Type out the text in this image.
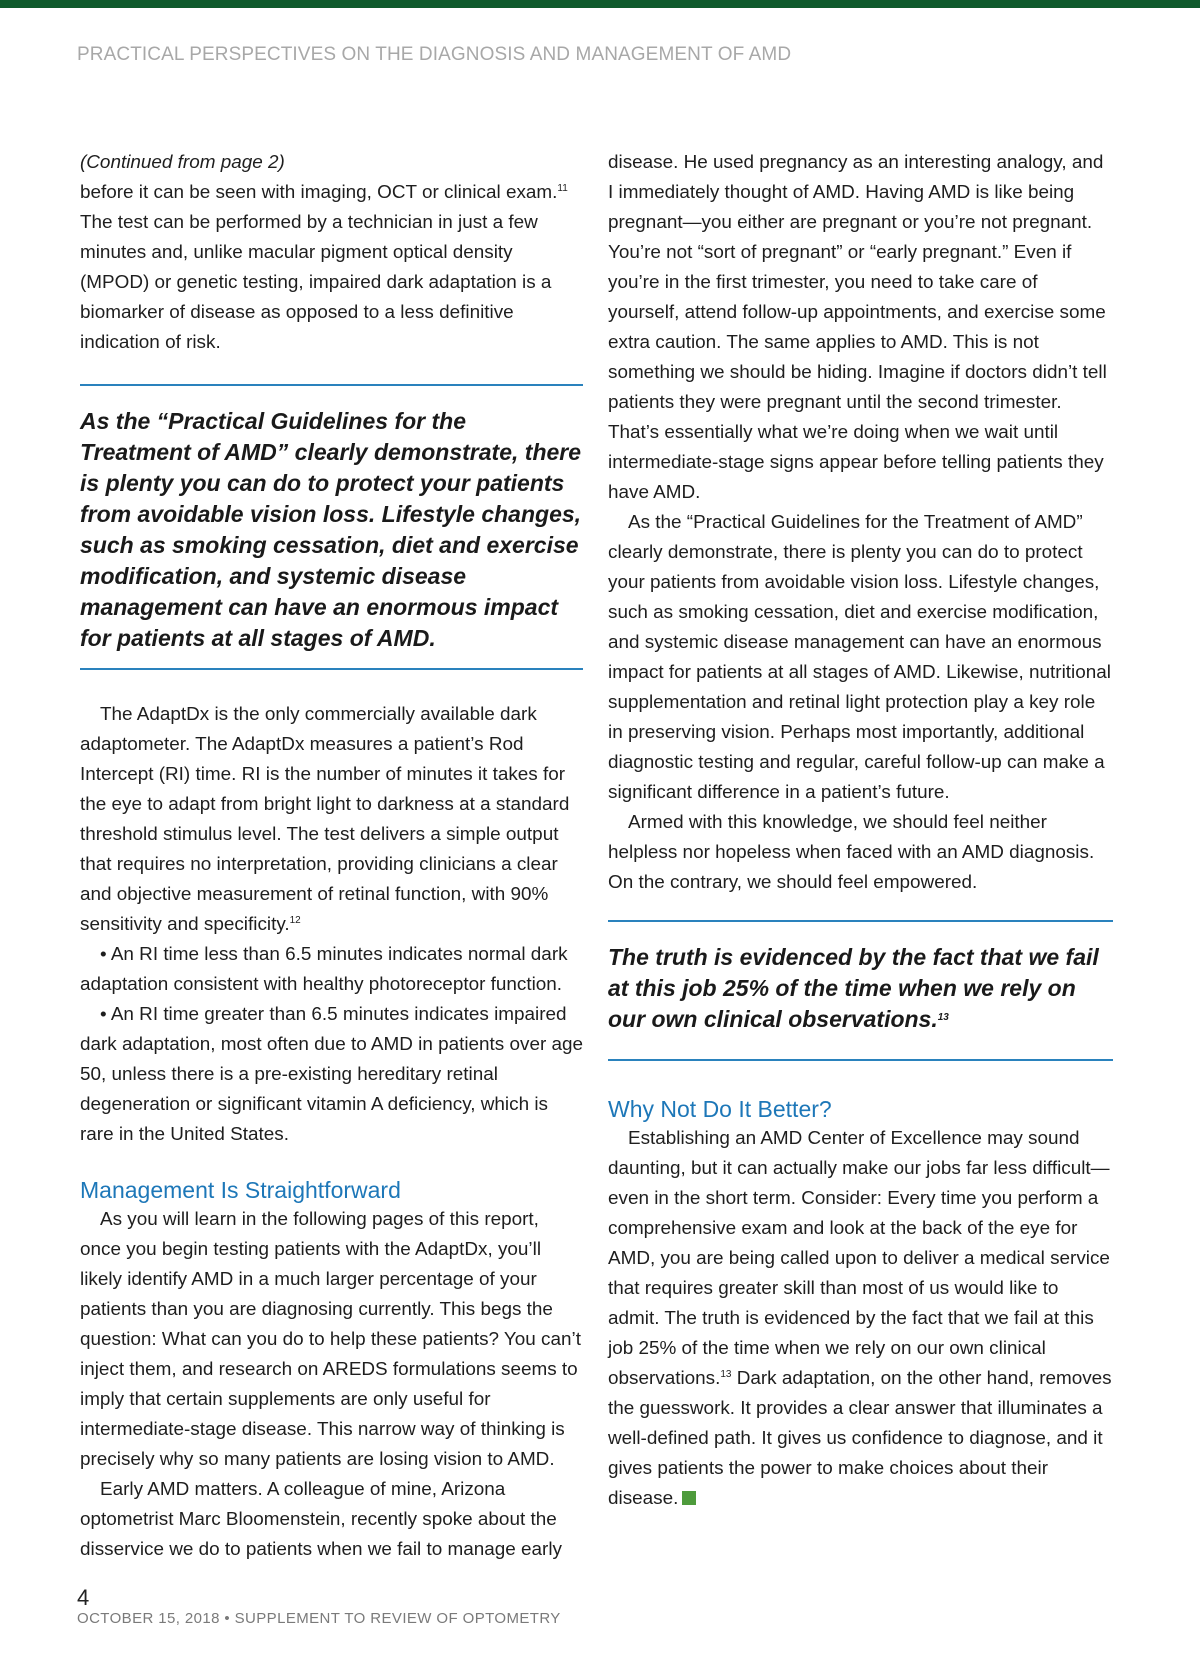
PRACTICAL PERSPECTIVES ON THE DIAGNOSIS AND MANAGEMENT OF AMD

(Continued from page 2)

before it can be seen with imaging, OCT or clinical exam.$^{11}$ The test can be performed by a technician in just a few minutes and, unlike macular pigment optical density (MPOD) or genetic testing, impaired dark adaptation is a biomarker of disease as opposed to a less definitive indication of risk.

As the “Practical Guidelines for the Treatment of AMD” clearly demonstrate, there is plenty you can do to protect your patients from avoidable vision loss. Lifestyle changes, such as smoking cessation, diet and exercise modification, and systemic disease management can have an enormous impact for patients at all stages of AMD.

The AdaptDx is the only commercially available dark adaptometer. The AdaptDx measures a patient’s Rod Intercept (RI) time. RI is the number of minutes it takes for the eye to adapt from bright light to darkness at a standard threshold stimulus level. The test delivers a simple output that requires no interpretation, providing clinicians a clear and objective measurement of retinal function, with 90% sensitivity and specificity.$^{12}$

• An RI time less than 6.5 minutes indicates normal dark adaptation consistent with healthy photoreceptor function.

• An RI time greater than 6.5 minutes indicates impaired dark adaptation, most often due to AMD in patients over age 50, unless there is a pre-existing hereditary retinal degeneration or significant vitamin A deficiency, which is rare in the United States.

Management Is Straightforward

As you will learn in the following pages of this report, once you begin testing patients with the AdaptDx, you’ll likely identify AMD in a much larger percentage of your patients than you are diagnosing currently. This begs the question: What can you do to help these patients? You can’t inject them, and research on AREDS formulations seems to imply that certain supplements are only useful for intermediate-stage disease. This narrow way of thinking is precisely why so many patients are losing vision to AMD.

Early AMD matters. A colleague of mine, Arizona optometrist Marc Bloomenstein, recently spoke about the disservice we do to patients when we fail to manage early

disease. He used pregnancy as an interesting analogy, and I immediately thought of AMD. Having AMD is like being pregnant—you either are pregnant or you’re not pregnant. You’re not “sort of pregnant” or “early pregnant.” Even if you’re in the first trimester, you need to take care of yourself, attend follow-up appointments, and exercise some extra caution. The same applies to AMD. This is not something we should be hiding. Imagine if doctors didn’t tell patients they were pregnant until the second trimester. That’s essentially what we’re doing when we wait until intermediate-stage signs appear before telling patients they have AMD.

As the “Practical Guidelines for the Treatment of AMD” clearly demonstrate, there is plenty you can do to protect your patients from avoidable vision loss. Lifestyle changes, such as smoking cessation, diet and exercise modification, and systemic disease management can have an enormous impact for patients at all stages of AMD. Likewise, nutritional supplementation and retinal light protection play a key role in preserving vision. Perhaps most importantly, additional diagnostic testing and regular, careful follow-up can make a significant difference in a patient’s future.

Armed with this knowledge, we should feel neither helpless nor hopeless when faced with an AMD diagnosis. On the contrary, we should feel empowered.

The truth is evidenced by the fact that we fail at this job 25% of the time when we rely on our own clinical observations.$^{13}$

Why Not Do It Better?

Establishing an AMD Center of Excellence may sound daunting, but it can actually make our jobs far less difficult—even in the short term. Consider: Every time you perform a comprehensive exam and look at the back of the eye for AMD, you are being called upon to deliver a medical service that requires greater skill than most of us would like to admit. The truth is evidenced by the fact that we fail at this job 25% of the time when we rely on our own clinical observations.$^{13}$ Dark adaptation, on the other hand, removes the guesswork. It provides a clear answer that illuminates a well-defined path. It gives us confidence to diagnose, and it gives patients the power to make choices about their disease.

4
OCTOBER 15, 2018 • SUPPLEMENT TO REVIEW OF OPTOMETRY
